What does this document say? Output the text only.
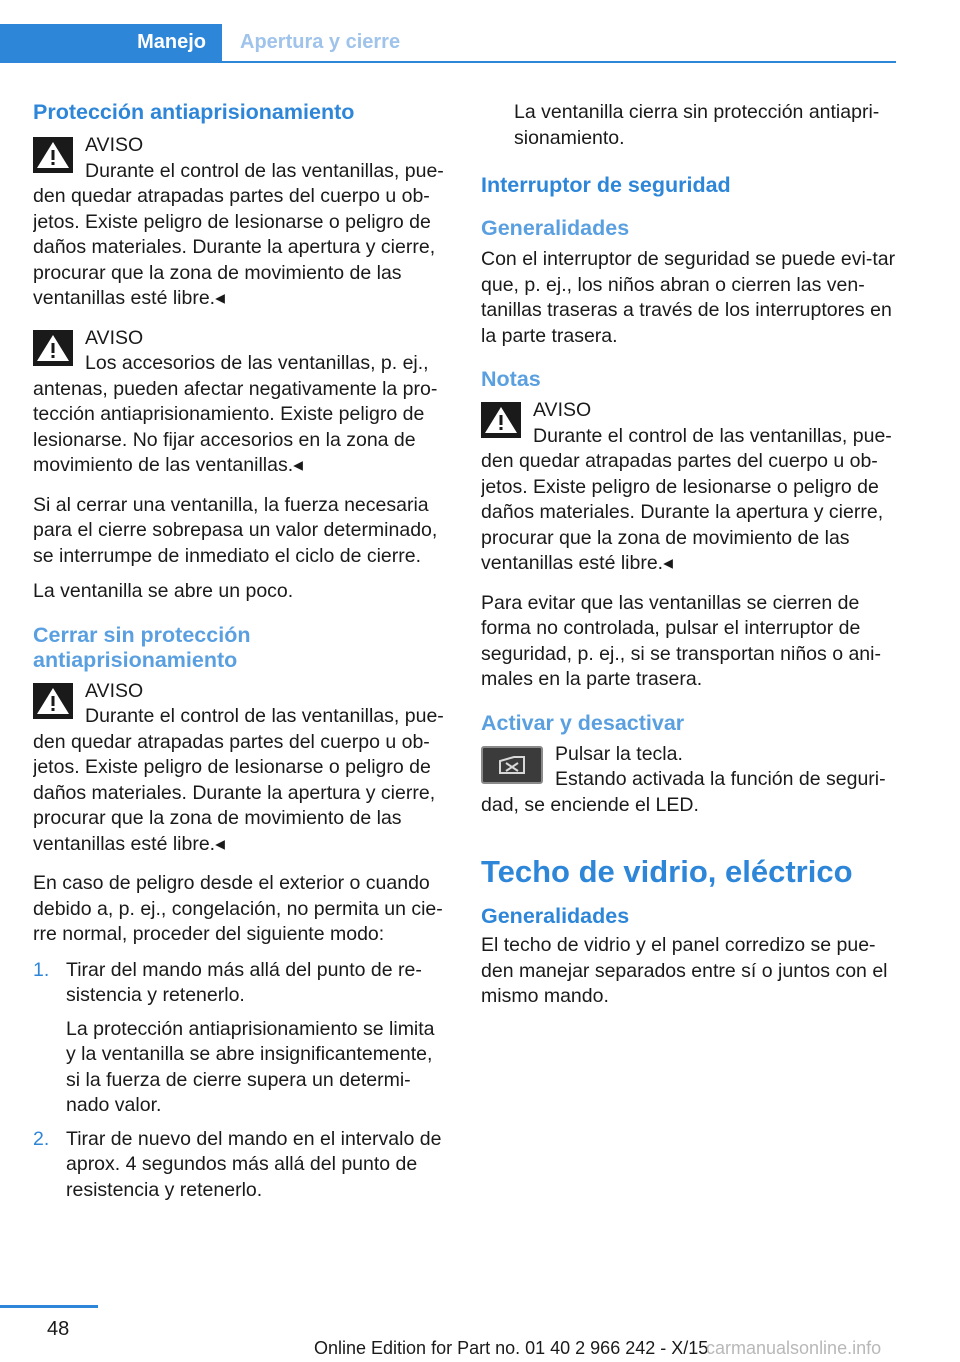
Manejo	Apertura y cierre
Protección antiaprisionamiento
AVISO
Durante el control de las ventanillas, pue‐den quedar atrapadas partes del cuerpo u ob‐jetos. Existe peligro de lesionarse o peligro de daños materiales. Durante la apertura y cierre, procurar que la zona de movimiento de las ventanillas esté libre.◂
AVISO
Los accesorios de las ventanillas, p. ej., antenas, pueden afectar negativamente la pro‐tección antiaprisionamiento. Existe peligro de lesionarse. No fijar accesorios en la zona de movimiento de las ventanillas.◂

Si al cerrar una ventanilla, la fuerza necesaria para el cierre sobrepasa un valor determinado, se interrumpe de inmediato el ciclo de cierre.

La ventanilla se abre un poco.

Cerrar sin protección antiaprisionamiento
AVISO
Durante el control de las ventanillas, pue‐den quedar atrapadas partes del cuerpo u ob‐jetos. Existe peligro de lesionarse o peligro de daños materiales. Durante la apertura y cierre, procurar que la zona de movimiento de las ventanillas esté libre.◂

En caso de peligro desde el exterior o cuando debido a, p. ej., congelación, no permita un cie‐rre normal, proceder del siguiente modo:

1. Tirar del mando más allá del punto de re‐sistencia y retenerlo.
La protección antiaprisionamiento se limita y la ventanilla se abre insignificantemente, si la fuerza de cierre supera un determi‐nado valor.
2. Tirar de nuevo del mando en el intervalo de aprox. 4 segundos más allá del punto de resistencia y retenerlo.

La ventanilla cierra sin protección antiapri‐sionamiento.

Interruptor de seguridad
Generalidades

Con el interruptor de seguridad se puede evi‐tar que, p. ej., los niños abran o cierren las ven‐tanillas traseras a través de los interruptores en la parte trasera.

Notas
AVISO
Durante el control de las ventanillas, pue‐den quedar atrapadas partes del cuerpo u ob‐jetos. Existe peligro de lesionarse o peligro de daños materiales. Durante la apertura y cierre, procurar que la zona de movimiento de las ventanillas esté libre.◂

Para evitar que las ventanillas se cierren de forma no controlada, pulsar el interruptor de seguridad, p. ej., si se transportan niños o ani‐males en la parte trasera.

Activar y desactivar
Pulsar la tecla.
Estando activada la función de seguri‐dad, se enciende el LED.
Techo de vidrio, eléctrico
Generalidades

El techo de vidrio y el panel corredizo se pue‐den manejar separados entre sí o juntos con el mismo mando.

48
Online Edition for Part no. 01 40 2 966 242 - X/15
carmanualsonline.info
